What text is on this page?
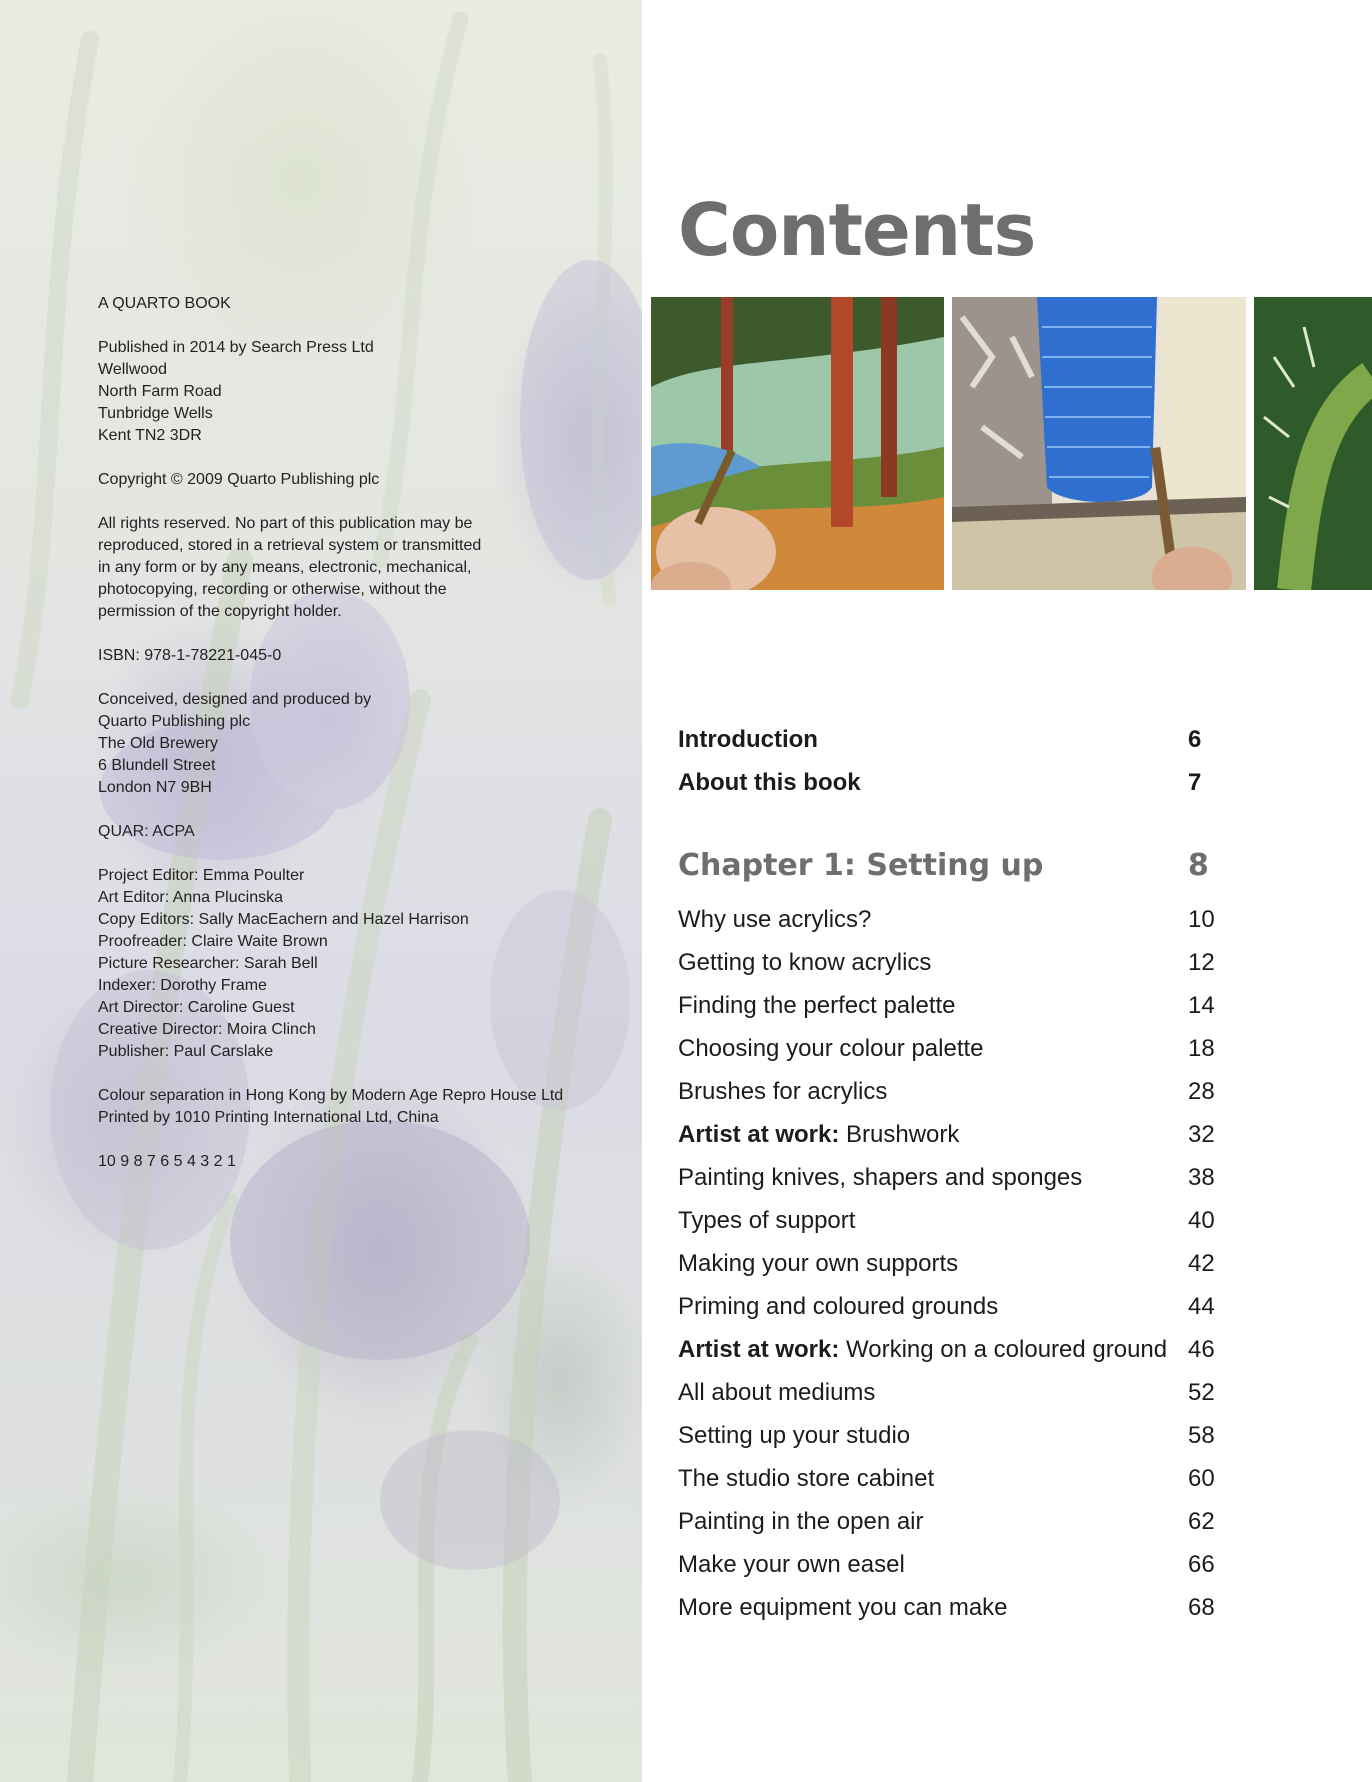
A QUARTO BOOK
Published in 2014 by Search Press Ltd
Wellwood
North Farm Road
Tunbridge Wells
Kent TN2 3DR
Copyright © 2009 Quarto Publishing plc
All rights reserved. No part of this publication may be
reproduced, stored in a retrieval system or transmitted
in any form or by any means, electronic, mechanical,
photocopying, recording or otherwise, without the
permission of the copyright holder.
ISBN: 978-1-78221-045-0
Conceived, designed and produced by
Quarto Publishing plc
The Old Brewery
6 Blundell Street
London N7 9BH
QUAR: ACPA
Project Editor: Emma Poulter
Art Editor: Anna Plucinska
Copy Editors: Sally MacEachern and Hazel Harrison
Proofreader: Claire Waite Brown
Picture Researcher: Sarah Bell
Indexer: Dorothy Frame
Art Director: Caroline Guest
Creative Director: Moira Clinch
Publisher: Paul Carslake
Colour separation in Hong Kong by Modern Age Repro House Ltd
Printed by 1010 Printing International Ltd, China
10 9 8 7 6 5 4 3 2 1
Contents
Introduction	6
About this book	7
Chapter 1: Setting up	8
Why use acrylics?	10
Getting to know acrylics	12
Finding the perfect palette	14
Choosing your colour palette	18
Brushes for acrylics	28
Artist at work: Brushwork	32
Painting knives, shapers and sponges	38
Types of support	40
Making your own supports	42
Priming and coloured grounds	44
Artist at work: Working on a coloured ground 46
All about mediums	52
Setting up your studio	58
The studio store cabinet	60
Painting in the open air	62
Make your own easel	66
More equipment you can make	68
